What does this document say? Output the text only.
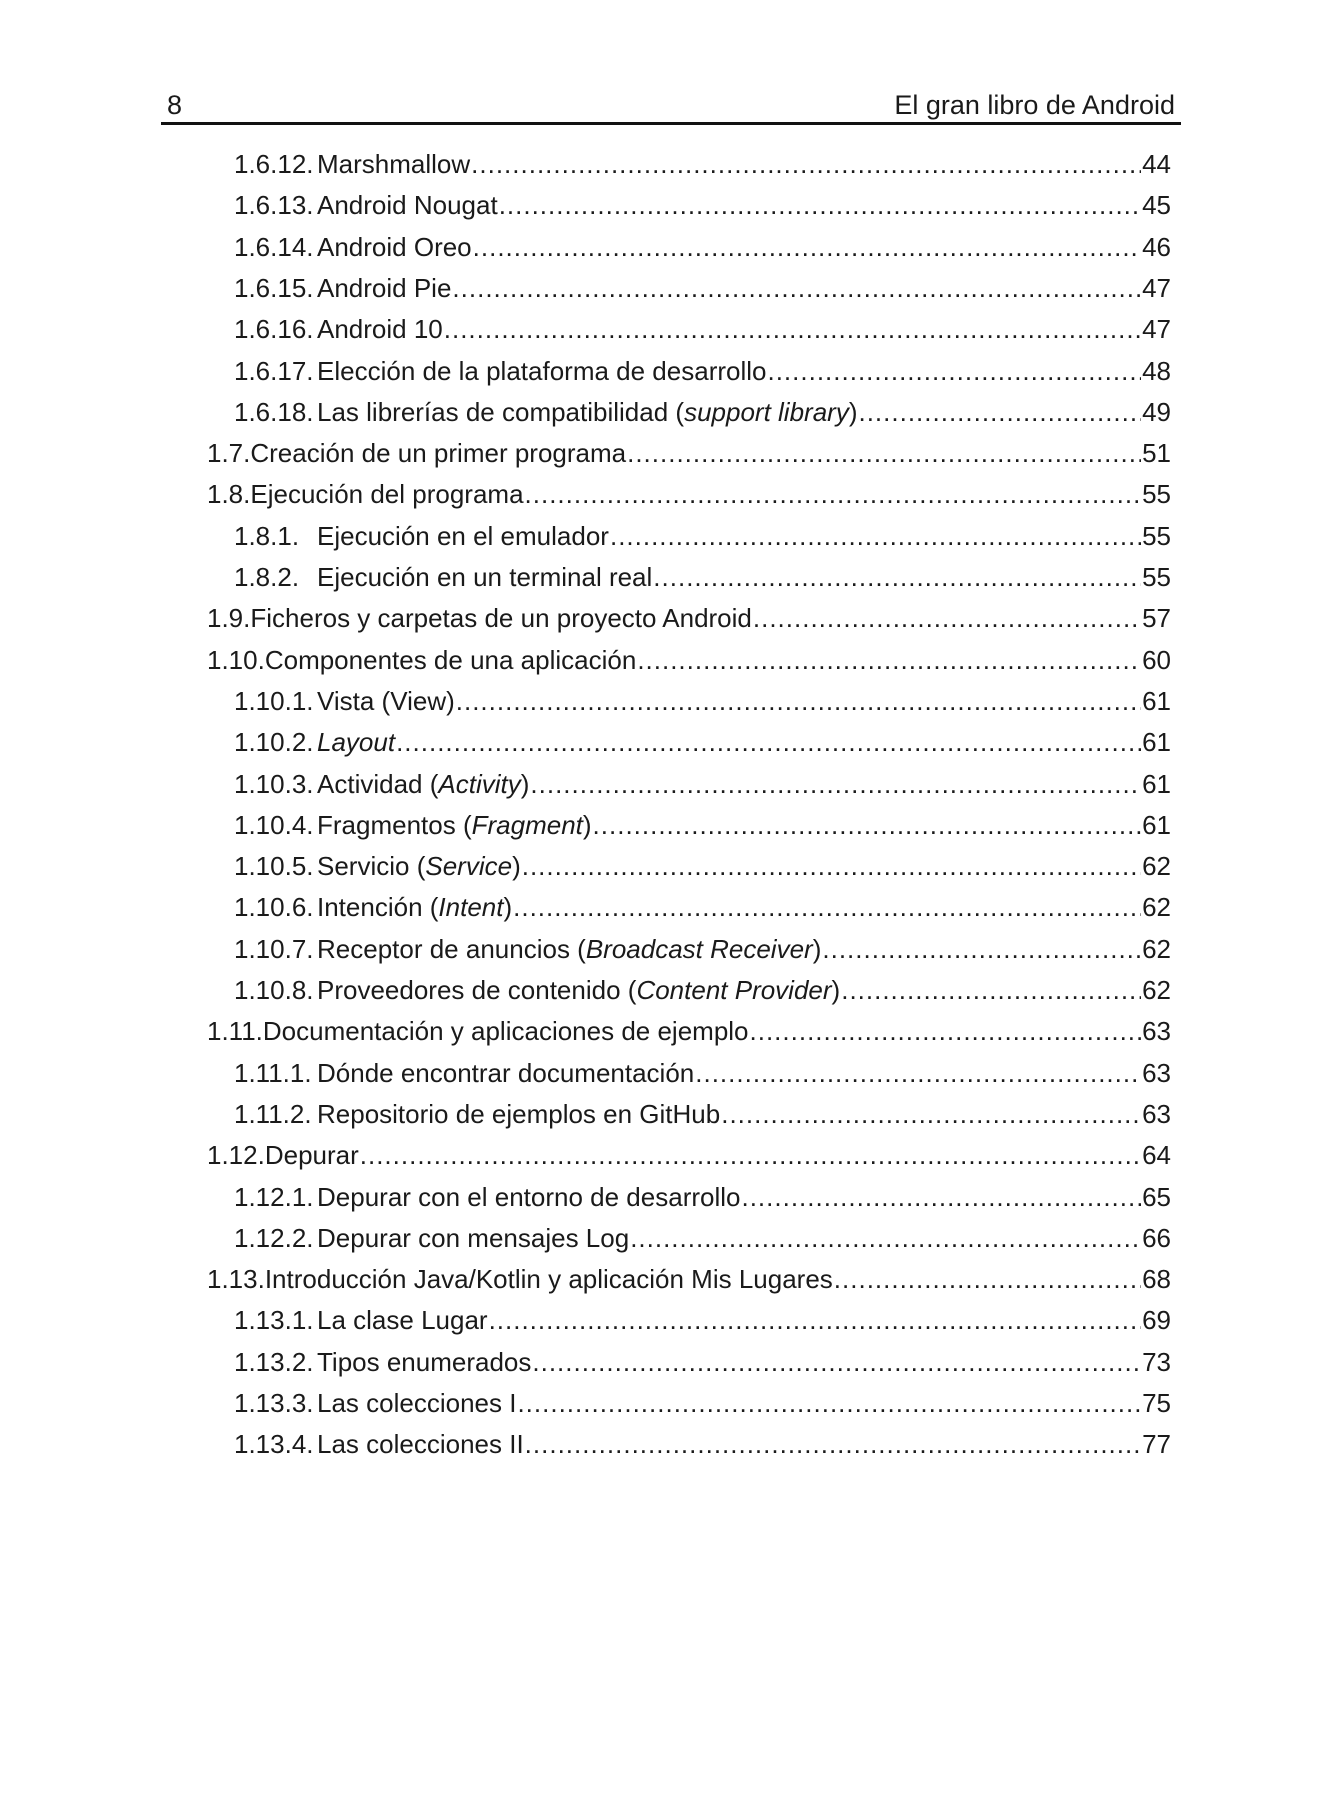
8	El gran libro de Android
1.6.12. Marshmallow .....	44
1.6.13. Android Nougat .....	45
1.6.14. Android Oreo .....	46
1.6.15. Android Pie .....	47
1.6.16. Android 10 .....	47
1.6.17. Elección de la plataforma de desarrollo .....	48
1.6.18. Las librerías de compatibilidad (support library) .....	49
1.7. Creación de un primer programa .....	51
1.8. Ejecución del programa .....	55
1.8.1. Ejecución en el emulador .....	55
1.8.2. Ejecución en un terminal real .....	55
1.9. Ficheros y carpetas de un proyecto Android .....	57
1.10. Componentes de una aplicación .....	60
1.10.1. Vista (View) .....	61
1.10.2. Layout .....	61
1.10.3. Actividad (Activity) .....	61
1.10.4. Fragmentos (Fragment) .....	61
1.10.5. Servicio (Service) .....	62
1.10.6. Intención (Intent) .....	62
1.10.7. Receptor de anuncios (Broadcast Receiver) .....	62
1.10.8. Proveedores de contenido (Content Provider) .....	62
1.11. Documentación y aplicaciones de ejemplo .....	63
1.11.1. Dónde encontrar documentación .....	63
1.11.2. Repositorio de ejemplos en GitHub .....	63
1.12. Depurar .....	64
1.12.1. Depurar con el entorno de desarrollo .....	65
1.12.2. Depurar con mensajes Log .....	66
1.13. Introducción Java/Kotlin y aplicación Mis Lugares .....	68
1.13.1. La clase Lugar .....	69
1.13.2. Tipos enumerados .....	73
1.13.3. Las colecciones I .....	75
1.13.4. Las colecciones II .....	77
